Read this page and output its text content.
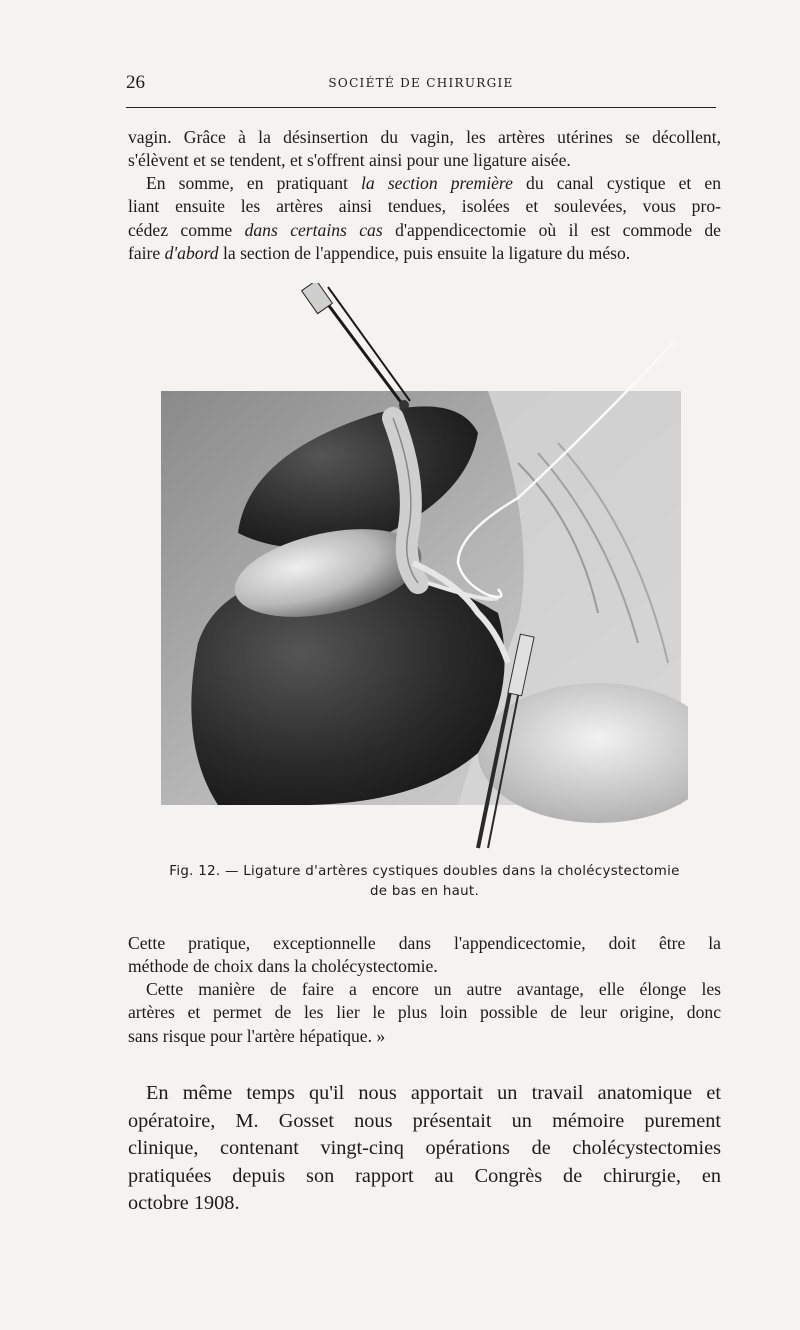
26	SOCIÉTÉ DE CHIRURGIE

vagin. Grâce à la désinsertion du vagin, les artères utérines se décollent,
s'élèvent et se tendent, et s'offrent ainsi pour une ligature aisée.

En somme, en pratiquant la section première du canal cystique et en
liant ensuite les artères ainsi tendues, isolées et soulevées, vous pro-
cédez comme dans certains cas d'appendicectomie où il est commode de
faire d'abord la section de l'appendice, puis ensuite la ligature du méso.

Fig. 12. — Ligature d'artères cystiques doubles dans la cholécystectomie
de bas en haut.

Cette pratique, exceptionnelle dans l'appendicectomie, doit être la
méthode de choix dans la cholécystectomie.

Cette manière de faire a encore un autre avantage, elle élonge les
artères et permet de les lier le plus loin possible de leur origine, donc
sans risque pour l'artère hépatique. »

En même temps qu'il nous apportait un travail anatomique et
opératoire, M. Gosset nous présentait un mémoire purement
clinique, contenant vingt-cinq opérations de cholécystectomies
pratiquées depuis son rapport au Congrès de chirurgie, en
octobre 1908.
